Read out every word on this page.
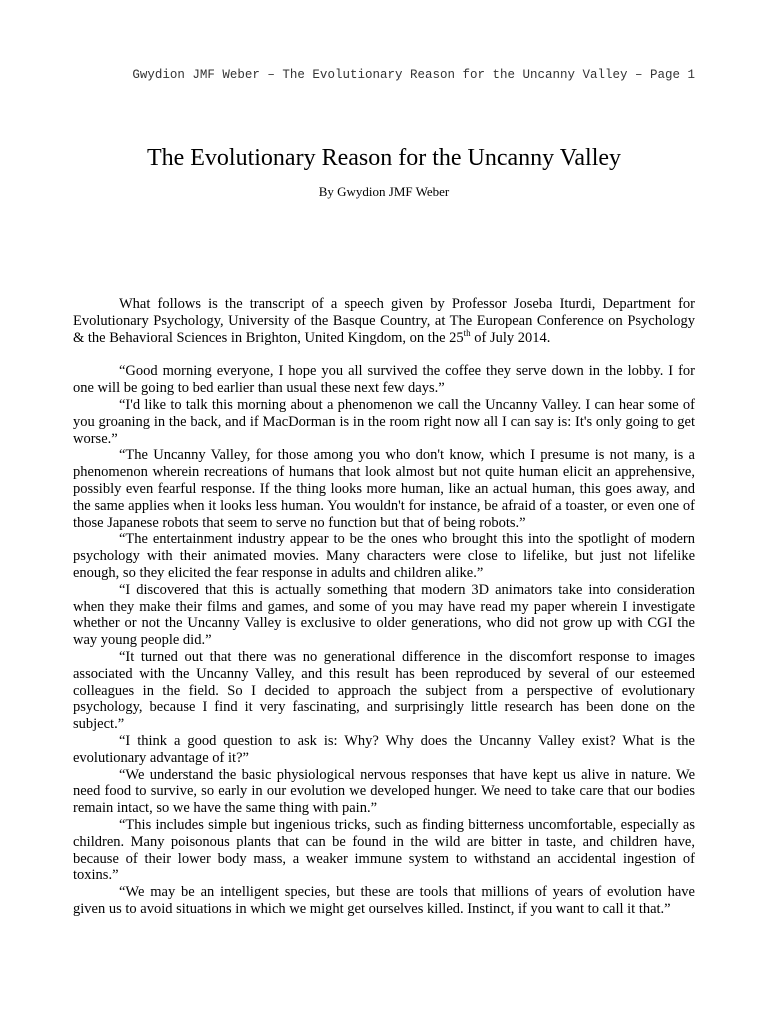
Gwydion JMF Weber – The Evolutionary Reason for the Uncanny Valley – Page 1
The Evolutionary Reason for the Uncanny Valley
By Gwydion JMF Weber

What follows is the transcript of a speech given by Professor Joseba Iturdi, Department for Evolutionary Psychology, University of the Basque Country, at The European Conference on Psychology & the Behavioral Sciences in Brighton, United Kingdom, on the 25th of July 2014.

“Good morning everyone, I hope you all survived the coffee they serve down in the lobby. I for one will be going to bed earlier than usual these next few days.”

“I'd like to talk this morning about a phenomenon we call the Uncanny Valley. I can hear some of you groaning in the back, and if MacDorman is in the room right now all I can say is: It's only going to get worse.”

“The Uncanny Valley, for those among you who don't know, which I presume is not many, is a phenomenon wherein recreations of humans that look almost but not quite human elicit an apprehensive, possibly even fearful response. If the thing looks more human, like an actual human, this goes away, and the same applies when it looks less human. You wouldn't for instance, be afraid of a toaster, or even one of those Japanese robots that seem to serve no function but that of being robots.”

“The entertainment industry appear to be the ones who brought this into the spotlight of modern psychology with their animated movies. Many characters were close to lifelike, but just not lifelike enough, so they elicited the fear response in adults and children alike.”

“I discovered that this is actually something that modern 3D animators take into consideration when they make their films and games, and some of you may have read my paper wherein I investigate whether or not the Uncanny Valley is exclusive to older generations, who did not grow up with CGI the way young people did.”

“It turned out that there was no generational difference in the discomfort response to images associated with the Uncanny Valley, and this result has been reproduced by several of our esteemed colleagues in the field. So I decided to approach the subject from a perspective of evolutionary psychology, because I find it very fascinating, and surprisingly little research has been done on the subject.”

“I think a good question to ask is: Why? Why does the Uncanny Valley exist? What is the evolutionary advantage of it?”

“We understand the basic physiological nervous responses that have kept us alive in nature. We need food to survive, so early in our evolution we developed hunger. We need to take care that our bodies remain intact, so we have the same thing with pain.”

“This includes simple but ingenious tricks, such as finding bitterness uncomfortable, especially as children. Many poisonous plants that can be found in the wild are bitter in taste, and children have, because of their lower body mass, a weaker immune system to withstand an accidental ingestion of toxins.”

“We may be an intelligent species, but these are tools that millions of years of evolution have given us to avoid situations in which we might get ourselves killed. Instinct, if you want to call it that.”
